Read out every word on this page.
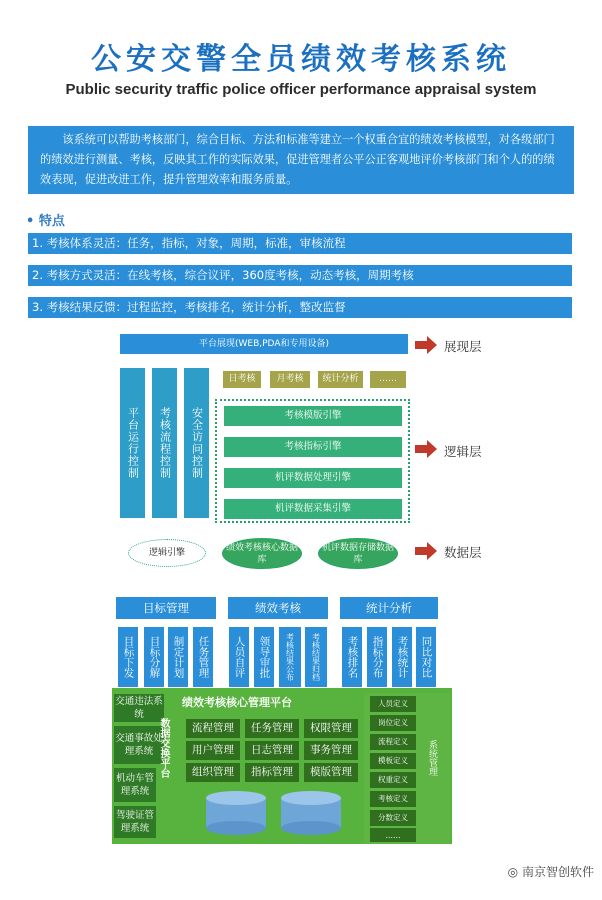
公安交警全员绩效考核系统
Public security traffic police officer performance appraisal system
该系统可以帮助考核部门，综合目标、方法和标准等建立一个权重合宜的绩效考核模型，对各级部门的绩效进行测量、考核，反映其工作的实际效果，促进管理者公平公正客观地评价考核部门和个人的的绩效表现，促进改进工作，提升管理效率和服务质量。
• 特点
1. 考核体系灵活：任务，指标，对象，周期，标准，审核流程
2. 考核方式灵活：在线考核，综合议评，360度考核，动态考核，周期考核
3. 考核结果反馈：过程监控，考核排名，统计分析，整改监督
平台展现(WEB,PDA和专用设备)
平台运行控制	考核流程控制	安全访问控制
日考核	月考核	统计分析	……
考核模版引擎
考核指标引擎
机评数据处理引擎
机评数据采集引擎
逻辑引擎
绩效考核核心数据库
机评数据存储数据库
展现层
逻辑层
数据层
目标管理	绩效考核	统计分析
目标下发	目标分解	制定计划	任务管理	人员自评	领导审批	考核结果公布	考核结果归档	考核排名	指标分布	考核统计	同比对比
绩效考核核心管理平台
交通违法系统
交通事故处理系统
机动车管理系统
驾驶证管理系统
数据交换平台	流程管理	任务管理	权限管理
用户管理	日志管理	事务管理
组织管理	指标管理	模版管理
人员定义
岗位定义
流程定义
模板定义
权重定义
考核定义
分数定义
……
系统管理
◎ 南京智创软件
